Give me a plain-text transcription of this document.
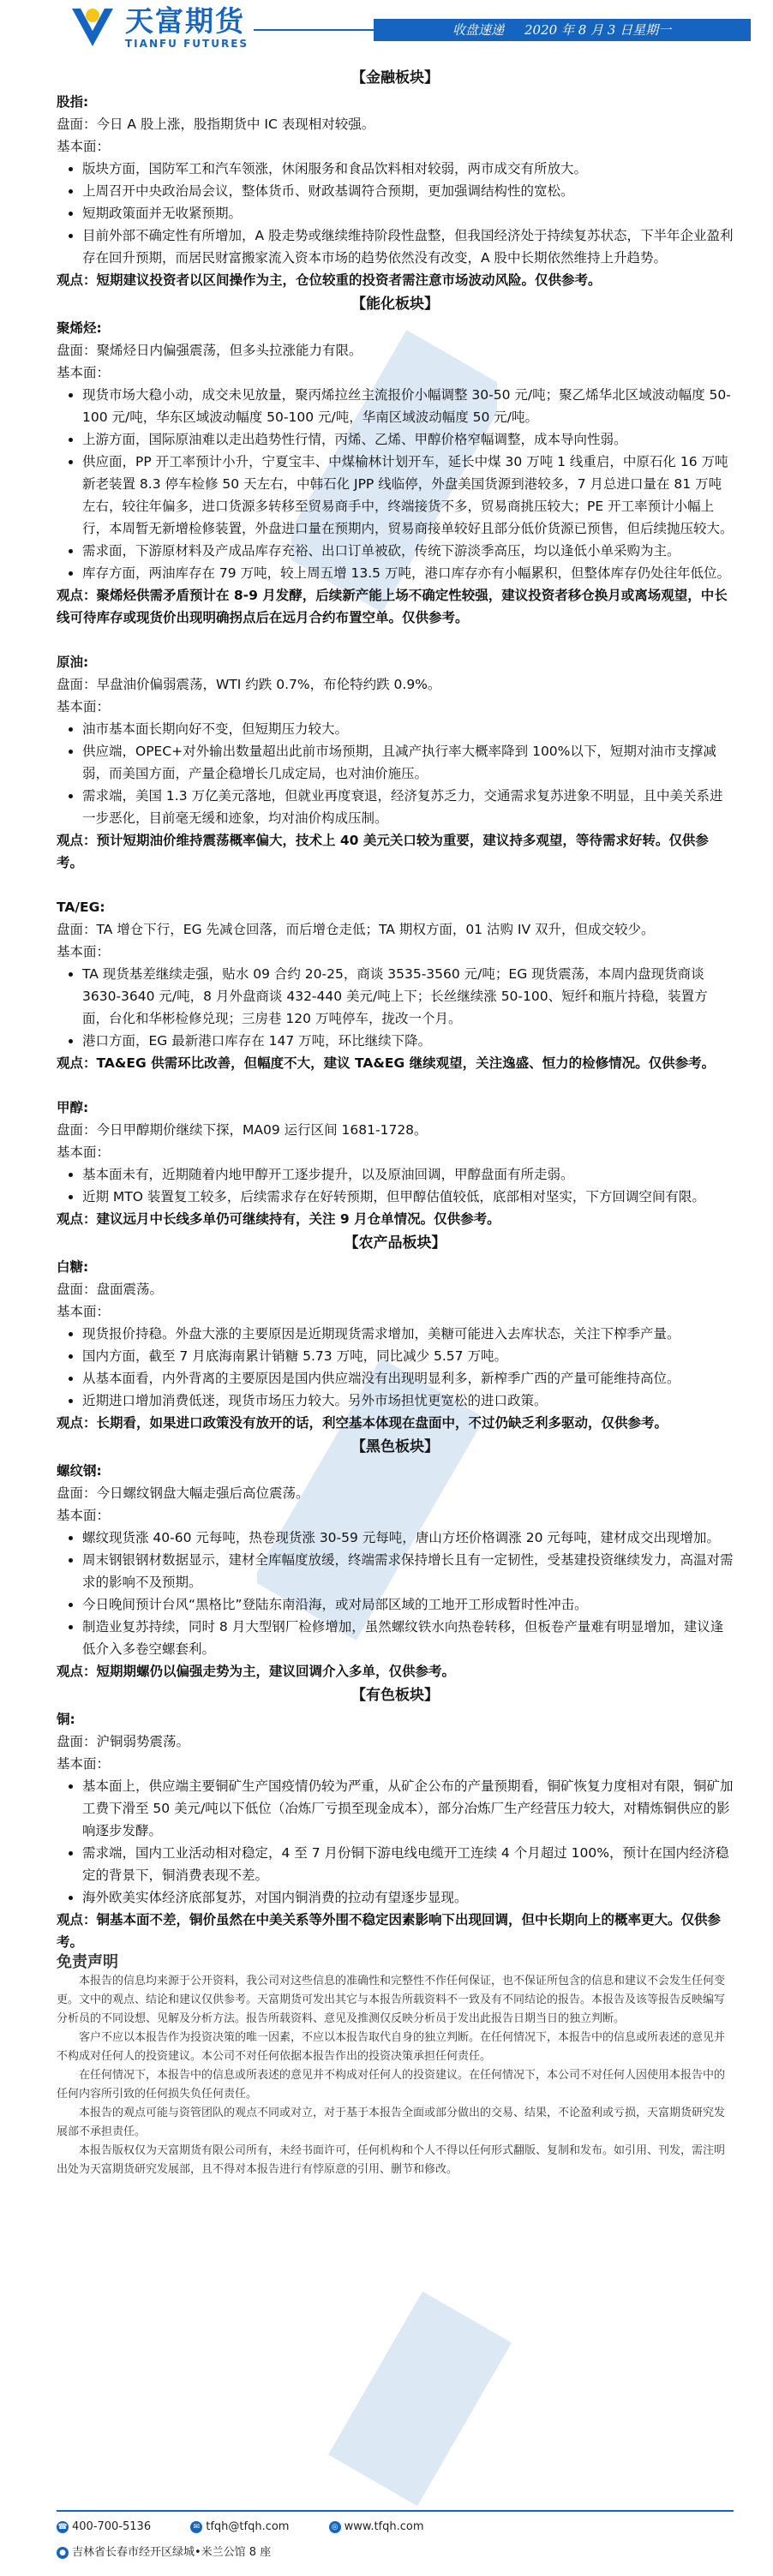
天富期货
TIANFU FUTURES
收盘速递 2020 年 8 月 3 日星期一

【金融板块】

股指:

盘面：今日 A 股上涨，股指期货中 IC 表现相对较强。

基本面：

• 版块方面，国防军工和汽车领涨，休闲服务和食品饮料相对较弱，两市成交有所放大。
• 上周召开中央政治局会议，整体货币、财政基调符合预期，更加强调结构性的宽松。
• 短期政策面并无收紧预期。
• 目前外部不确定性有所增加，A 股走势或继续维持阶段性盘整，但我国经济处于持续复苏状态，下半年企业盈利存在回升预期，而居民财富搬家流入资本市场的趋势依然没有改变，A 股中长期依然维持上升趋势。

观点：短期建议投资者以区间操作为主，仓位较重的投资者需注意市场波动风险。仅供参考。

【能化板块】

聚烯烃:

盘面：聚烯烃日内偏强震荡，但多头拉涨能力有限。

基本面：

• 现货市场大稳小动，成交未见放量，聚丙烯拉丝主流报价小幅调整 30-50 元/吨；聚乙烯华北区域波动幅度 50-100 元/吨，华东区域波动幅度 50-100 元/吨，华南区域波动幅度 50 元/吨。
• 上游方面，国际原油难以走出趋势性行情，丙烯、乙烯、甲醇价格窄幅调整，成本导向性弱。
• 供应面，PP 开工率预计小升，宁夏宝丰、中煤榆林计划开车，延长中煤 30 万吨 1 线重启，中原石化 16 万吨新老装置 8.3 停车检修 50 天左右，中韩石化 JPP 线临停，外盘美国货源到港较多，7 月总进口量在 81 万吨左右，较往年偏多，进口货源多转移至贸易商手中，终端接货不多，贸易商挑压较大；PE 开工率预计小幅上行，本周暂无新增检修装置，外盘进口量在预期内，贸易商接单较好且部分低价货源已预售，但后续抛压较大。
• 需求面，下游原材料及产成品库存充裕、出口订单被砍，传统下游淡季高压，均以逢低小单采购为主。
• 库存方面，两油库存在 79 万吨，较上周五增 13.5 万吨，港口库存亦有小幅累积，但整体库存仍处往年低位。

观点：聚烯烃供需矛盾预计在 8-9 月发酵，后续新产能上场不确定性较强，建议投资者移仓换月或离场观望，中长线可待库存或现货价出现明确拐点后在远月合约布置空单。仅供参考。

原油:

盘面：早盘油价偏弱震荡，WTI 约跌 0.7%，布伦特约跌 0.9%。

基本面：

• 油市基本面长期向好不变，但短期压力较大。
• 供应端，OPEC+对外输出数量超出此前市场预期，且减产执行率大概率降到 100%以下，短期对油市支撑减弱，而美国方面，产量企稳增长几成定局，也对油价施压。
• 需求端，美国 1.3 万亿美元落地，但就业再度衰退，经济复苏乏力，交通需求复苏进象不明显，且中美关系进一步恶化，目前毫无缓和迹象，均对油价构成压制。

观点：预计短期油价维持震荡概率偏大，技术上 40 美元关口较为重要，建议持多观望，等待需求好转。仅供参考。

TA/EG:

盘面：TA 增仓下行，EG 先减仓回落，而后增仓走低；TA 期权方面，01 沽购 IV 双升，但成交较少。

基本面：

• TA 现货基差继续走强，贴水 09 合约 20-25，商谈 3535-3560 元/吨；EG 现货震荡，本周内盘现货商谈 3630-3640 元/吨，8 月外盘商谈 432-440 美元/吨上下；长丝继续涨 50-100、短纤和瓶片持稳，装置方面，台化和华彬检修兑现；三房巷 120 万吨停车，拢改一个月。
• 港口方面，EG 最新港口库存在 147 万吨，环比继续下降。

观点：TA&EG 供需环比改善，但幅度不大，建议 TA&EG 继续观望，关注逸盛、恒力的检修情况。仅供参考。

甲醇:

盘面：今日甲醇期价继续下探，MA09 运行区间 1681-1728。

基本面：

• 基本面未有，近期随着内地甲醇开工逐步提升，以及原油回调，甲醇盘面有所走弱。
• 近期 MTO 装置复工较多，后续需求存在好转预期，但甲醇估值较低，底部相对坚实，下方回调空间有限。

观点：建议远月中长线多单仍可继续持有，关注 9 月仓单情况。仅供参考。

【农产品板块】

白糖:

盘面：盘面震荡。

基本面：

• 现货报价持稳。外盘大涨的主要原因是近期现货需求增加，美糖可能进入去库状态，关注下榨季产量。
• 国内方面，截至 7 月底海南累计销糖 5.73 万吨，同比减少 5.57 万吨。
• 从基本面看，内外背离的主要原因是国内供应端没有出现明显利多，新榨季广西的产量可能维持高位。
• 近期进口增加消费低迷，现货市场压力较大。另外市场担忧更宽松的进口政策。

观点：长期看，如果进口政策没有放开的话，利空基本体现在盘面中，不过仍缺乏利多驱动，仅供参考。

【黑色板块】

螺纹钢:

盘面：今日螺纹钢盘大幅走强后高位震荡。

基本面：

• 螺纹现货涨 40-60 元每吨，热卷现货涨 30-59 元每吨，唐山方坯价格调涨 20 元每吨，建材成交出现增加。
• 周末钢银钢材数据显示，建材全库幅度放缓，终端需求保持增长且有一定韧性，受基建投资继续发力，高温对需求的影响不及预期。
• 今日晚间预计台风“黑格比”登陆东南沿海，或对局部区域的工地开工形成暂时性冲击。
• 制造业复苏持续，同时 8 月大型钢厂检修增加，虽然螺纹铁水向热卷转移，但板卷产量难有明显增加，建议逢低介入多卷空螺套利。

观点：短期期螺仍以偏强走势为主，建议回调介入多单，仅供参考。

【有色板块】

铜:

盘面：沪铜弱势震荡。

基本面：

• 基本面上，供应端主要铜矿生产国疫情仍较为严重，从矿企公布的产量预期看，铜矿恢复力度相对有限，铜矿加工费下滑至 50 美元/吨以下低位（冶炼厂亏损至现金成本），部分冶炼厂生产经营压力较大，对精炼铜供应的影响逐步发酵。
• 需求端，国内工业活动相对稳定，4 至 7 月份铜下游电线电缆开工连续 4 个月超过 100%，预计在国内经济稳定的背景下，铜消费表现不差。
• 海外欧美实体经济底部复苏，对国内铜消费的拉动有望逐步显现。

观点：铜基本面不差，铜价虽然在中美关系等外围不稳定因素影响下出现回调，但中长期向上的概率更大。仅供参考。

免责声明

本报告的信息均来源于公开资料，我公司对这些信息的准确性和完整性不作任何保证，也不保证所包含的信息和建议不会发生任何变更。文中的观点、结论和建议仅供参考。天富期货可发出其它与本报告所载资料不一致及有不同结论的报告。本报告及该等报告反映编写分析员的不同设想、见解及分析方法。报告所载资料、意见及推测仅反映分析员于发出此报告日期当日的独立判断。

客户不应以本报告作为投资决策的唯一因素，不应以本报告取代自身的独立判断。在任何情况下，本报告中的信息或所表述的意见并不构成对任何人的投资建议。本公司不对任何依据本报告作出的投资决策承担任何责任。

在任何情况下，本报告中的信息或所表述的意见并不构成对任何人的投资建议。在任何情况下，本公司不对任何人因使用本报告中的任何内容所引致的任何损失负任何责任。

本报告的观点可能与资管团队的观点不同或对立，对于基于本报告全面或部分做出的交易、结果，不论盈利或亏损，天富期货研究发展部不承担责任。

本报告版权仅为天富期货有限公司所有，未经书面许可，任何机构和个人不得以任何形式翻版、复制和发布。如引用、刊发，需注明出处为天富期货研究发展部，且不得对本报告进行有悖原意的引用、删节和修改。

☎ 400-700-5136	✉ tfqh@tfqh.com	◎ www.tfqh.com
● 吉林省长春市经开区绿城•米兰公馆 8 座
